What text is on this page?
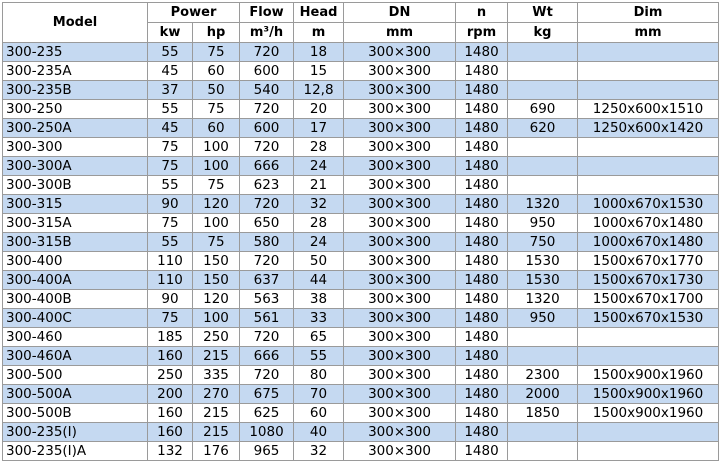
Model	Power		Flow	Head	DN	n	Wt	Dim
	kw	hp	m³/h	m	mm	rpm	kg	mm
300-235	55	75	720	18	300×300	1480		
300-235A	45	60	600	15	300×300	1480		
300-235B	37	50	540	12,8	300×300	1480		
300-250	55	75	720	20	300×300	1480	690	1250x600x1510
300-250A	45	60	600	17	300×300	1480	620	1250x600x1420
300-300	75	100	720	28	300×300	1480		
300-300A	75	100	666	24	300×300	1480		
300-300B	55	75	623	21	300×300	1480		
300-315	90	120	720	32	300×300	1480	1320	1000x670x1530
300-315A	75	100	650	28	300×300	1480	950	1000x670x1480
300-315B	55	75	580	24	300×300	1480	750	1000x670x1480
300-400	110	150	720	50	300×300	1480	1530	1500x670x1770
300-400A	110	150	637	44	300×300	1480	1530	1500x670x1730
300-400B	90	120	563	38	300×300	1480	1320	1500x670x1700
300-400C	75	100	561	33	300×300	1480	950	1500x670x1530
300-460	185	250	720	65	300×300	1480		
300-460A	160	215	666	55	300×300	1480		
300-500	250	335	720	80	300×300	1480	2300	1500x900x1960
300-500A	200	270	675	70	300×300	1480	2000	1500x900x1960
300-500B	160	215	625	60	300×300	1480	1850	1500x900x1960
300-235(I)	160	215	1080	40	300×300	1480		
300-235(I)A	132	176	965	32	300×300	1480		
